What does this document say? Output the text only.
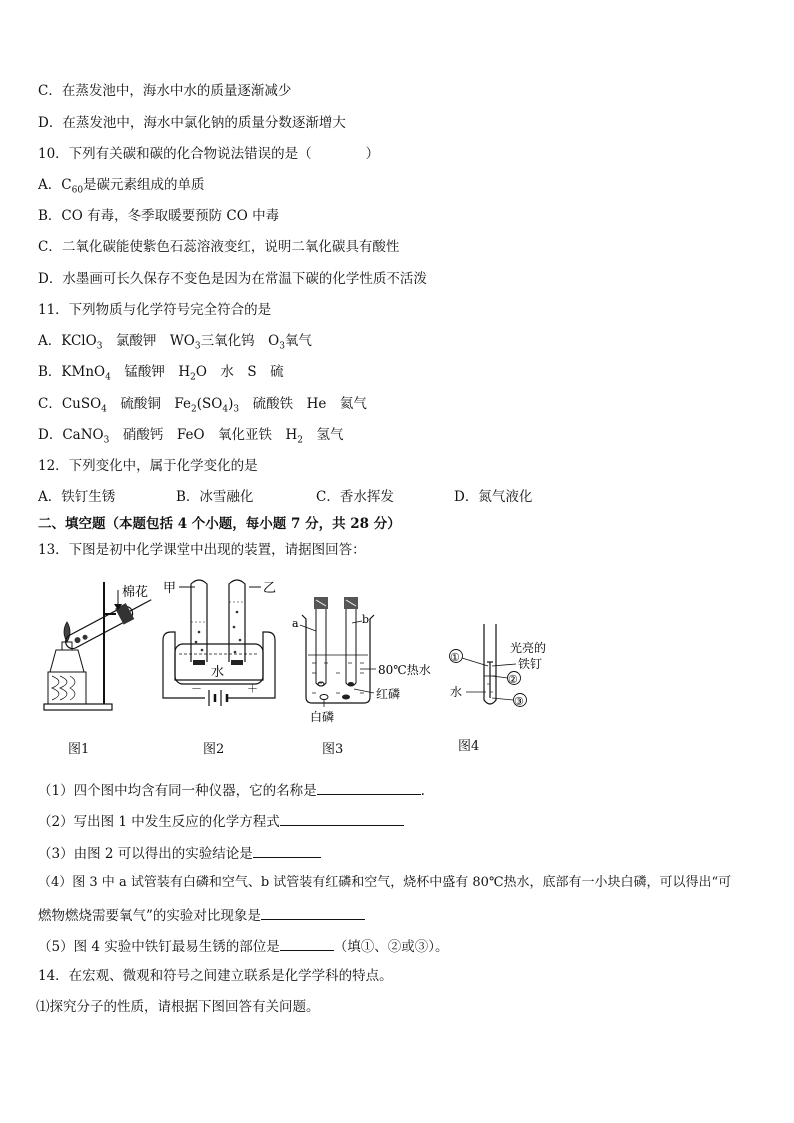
C．在蒸发池中，海水中水的质量逐渐减少
D．在蒸发池中，海水中氯化钠的质量分数逐渐增大
10．下列有关碳和碳的化合物说法错误的是（　　　　）
A．$C_{60}$是碳元素组成的单质
B．CO 有毒，冬季取暖要预防 CO 中毒
C．二氧化碳能使紫色石蕊溶液变红，说明二氧化碳具有酸性
D．水墨画可长久保存不变色是因为在常温下碳的化学性质不活泼
11．下列物质与化学符号完全符合的是
A．KClO$_3$　氯酸钾　$WO_3$三氧化钨　$O_3$氧气
B．KMnO$_4$　锰酸钾　$H_2O$　水　S　硫
C．CuSO$_4$　硫酸铜　$Fe_2(SO_4)_3$　硫酸铁　He　氦气
D．CaNO$_3$　硝酸钙　FeO　氧化亚铁　$H_2$　氢气
12．下列变化中，属于化学变化的是
A．铁钉生锈	B．冰雪融化	C．香水挥发	D．氮气液化
二、填空题（本题包括 4 个小题，每小题 7 分，共 28 分）
13．下图是初中化学课堂中出现的装置，请据图回答：
棉花
图1
甲	乙
水
－	＋
图2
a	b
80℃热水
红磷
白磷
图3
①
光亮的
铁钉
②
水
③
图4
（1）四个图中均含有同一种仪器，它的名称是	.
（2）写出图 1 中发生反应的化学方程式
（3）由图 2 可以得出的实验结论是
（4）图 3 中 a 试管装有白磷和空气、b 试管装有红磷和空气，烧杯中盛有 80℃热水，底部有一小块白磷，可以得出“可
燃物燃烧需要氧气”的实验对比现象是
（5）图 4 实验中铁钉最易生锈的部位是	（填①、②或③）。
14．在宏观、微观和符号之间建立联系是化学学科的特点。
⑴探究分子的性质，请根据下图回答有关问题。
